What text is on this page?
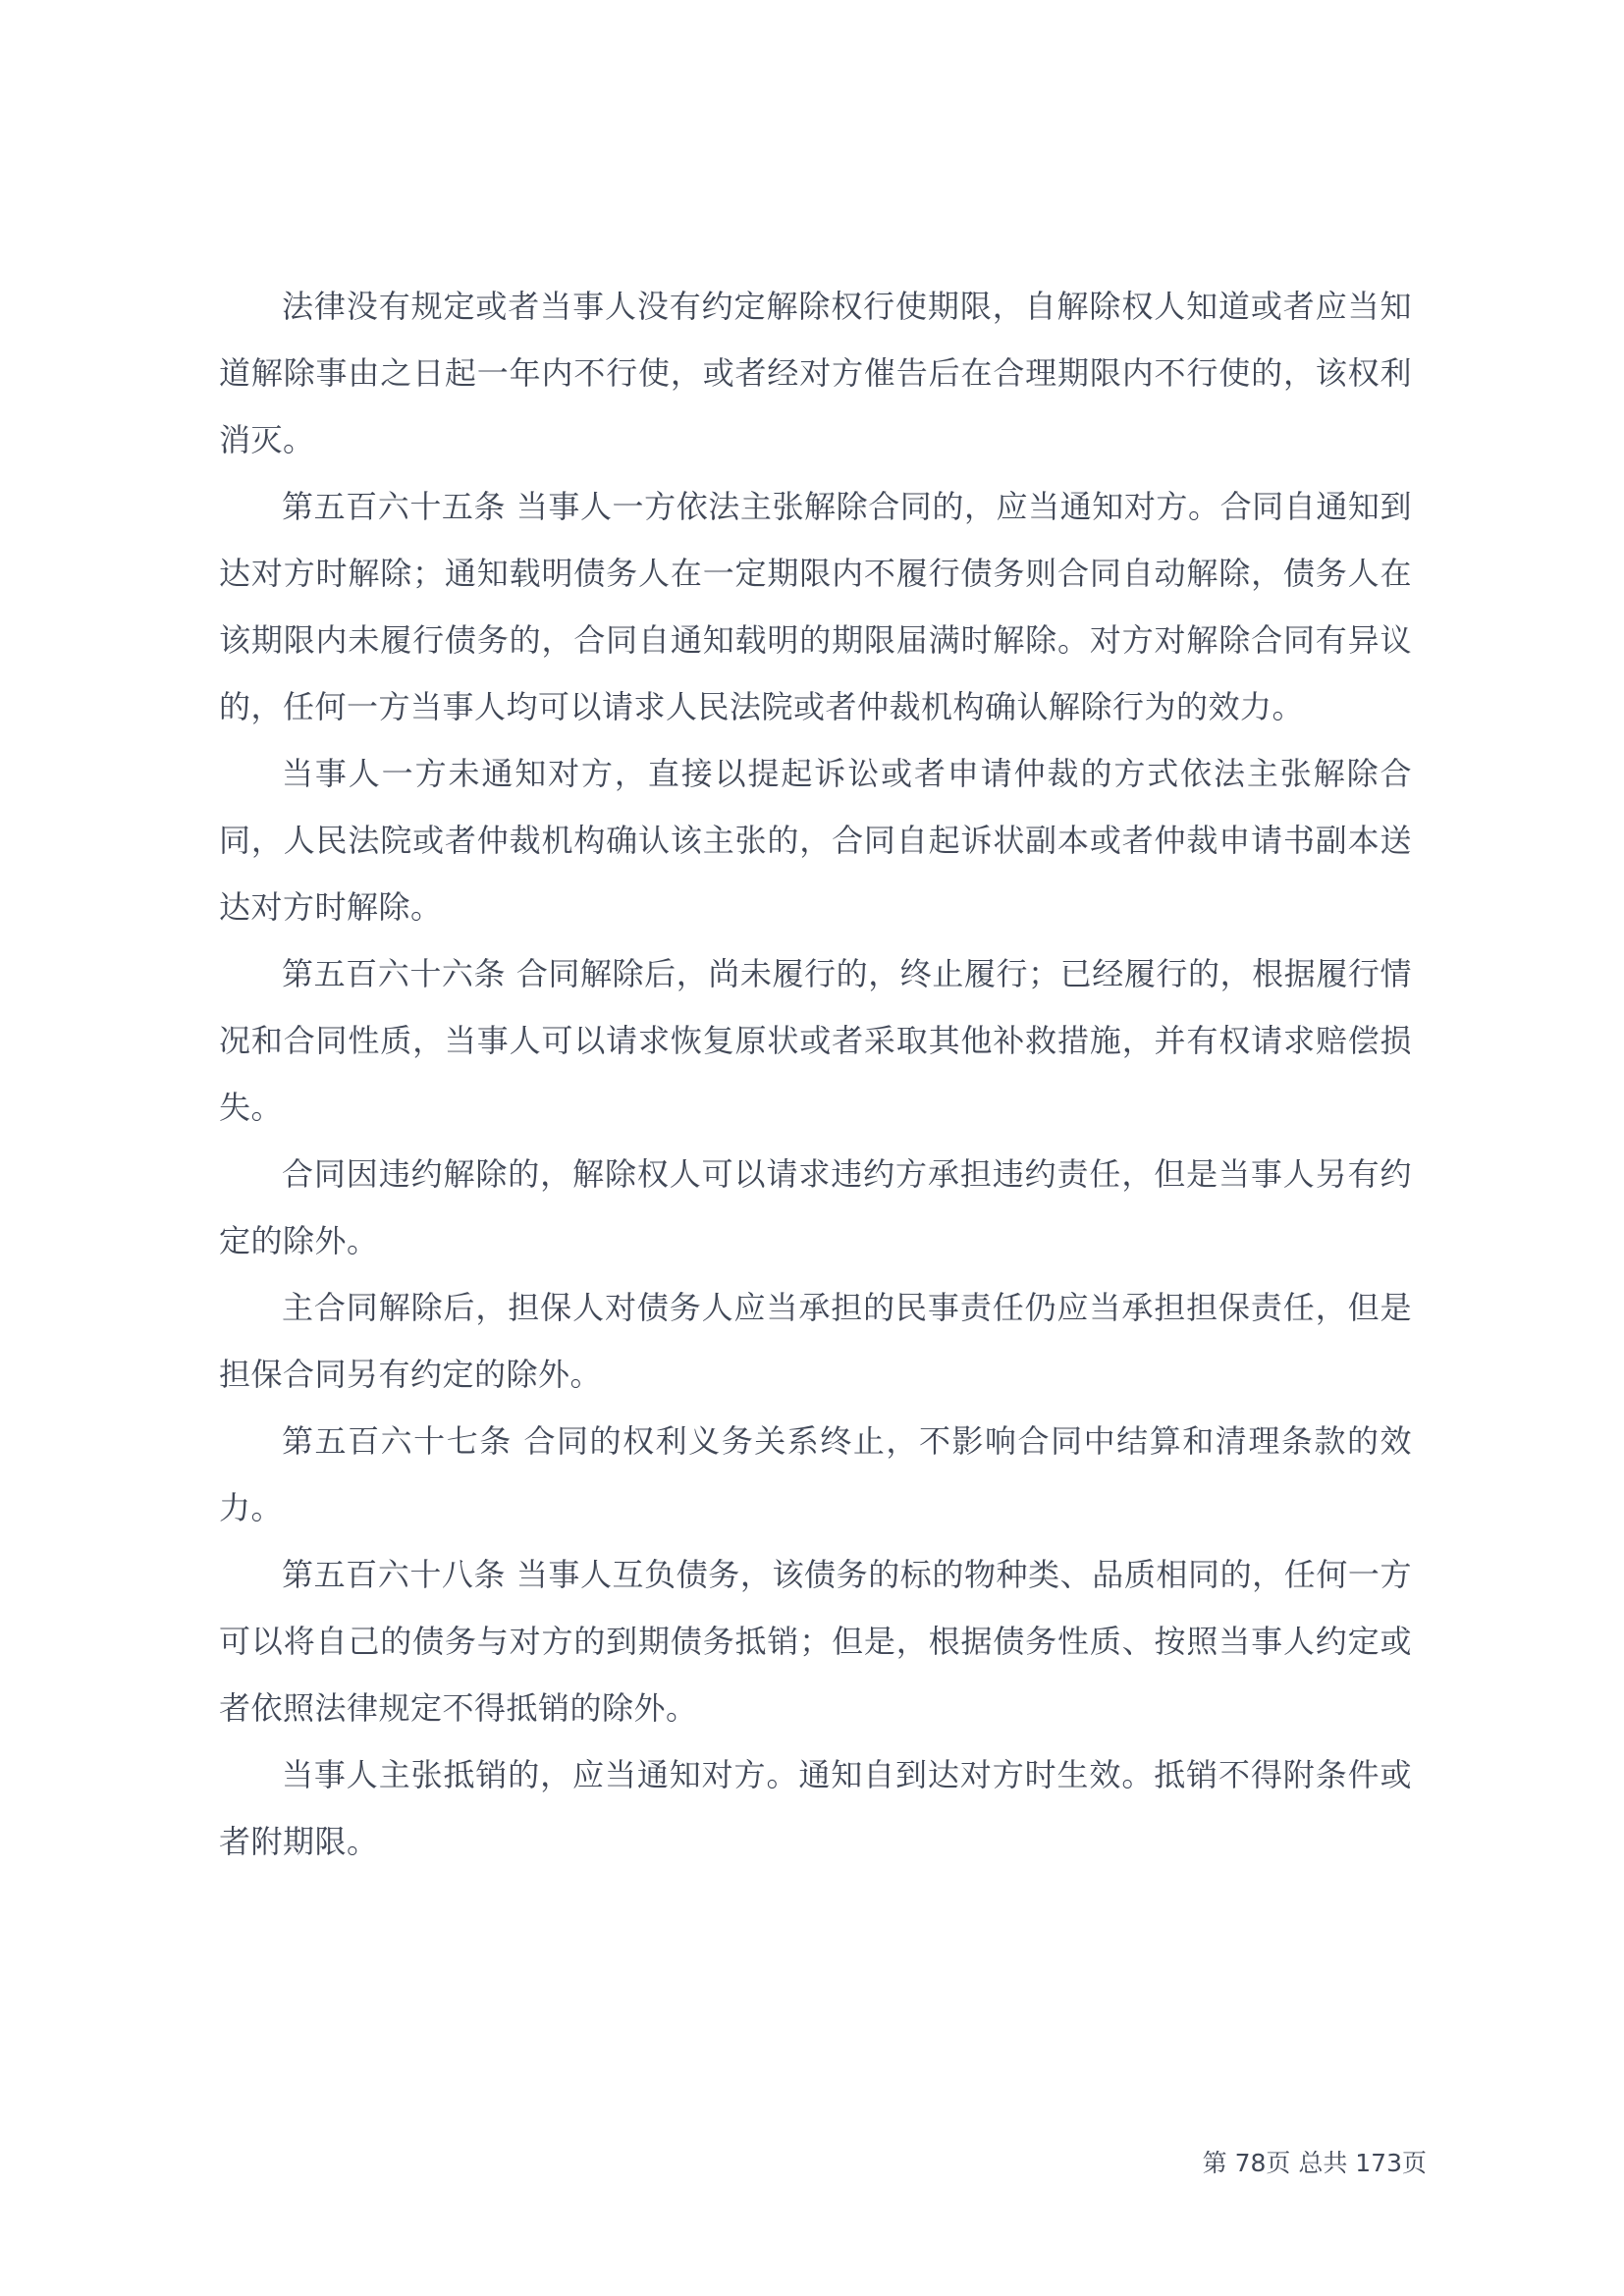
法律没有规定或者当事人没有约定解除权行使期限，自解除权人知道或者应当知道解除事由之日起一年内不行使，或者经对方催告后在合理期限内不行使的，该权利消灭。

第五百六十五条 当事人一方依法主张解除合同的，应当通知对方。合同自通知到达对方时解除；通知载明债务人在一定期限内不履行债务则合同自动解除，债务人在该期限内未履行债务的，合同自通知载明的期限届满时解除。对方对解除合同有异议的，任何一方当事人均可以请求人民法院或者仲裁机构确认解除行为的效力。

当事人一方未通知对方，直接以提起诉讼或者申请仲裁的方式依法主张解除合同，人民法院或者仲裁机构确认该主张的，合同自起诉状副本或者仲裁申请书副本送达对方时解除。

第五百六十六条 合同解除后，尚未履行的，终止履行；已经履行的，根据履行情况和合同性质，当事人可以请求恢复原状或者采取其他补救措施，并有权请求赔偿损失。

合同因违约解除的，解除权人可以请求违约方承担违约责任，但是当事人另有约定的除外。

主合同解除后，担保人对债务人应当承担的民事责任仍应当承担担保责任，但是担保合同另有约定的除外。

第五百六十七条 合同的权利义务关系终止，不影响合同中结算和清理条款的效力。

第五百六十八条 当事人互负债务，该债务的标的物种类、品质相同的，任何一方可以将自己的债务与对方的到期债务抵销；但是，根据债务性质、按照当事人约定或者依照法律规定不得抵销的除外。

当事人主张抵销的，应当通知对方。通知自到达对方时生效。抵销不得附条件或者附期限。

第 78页 总共 173页
